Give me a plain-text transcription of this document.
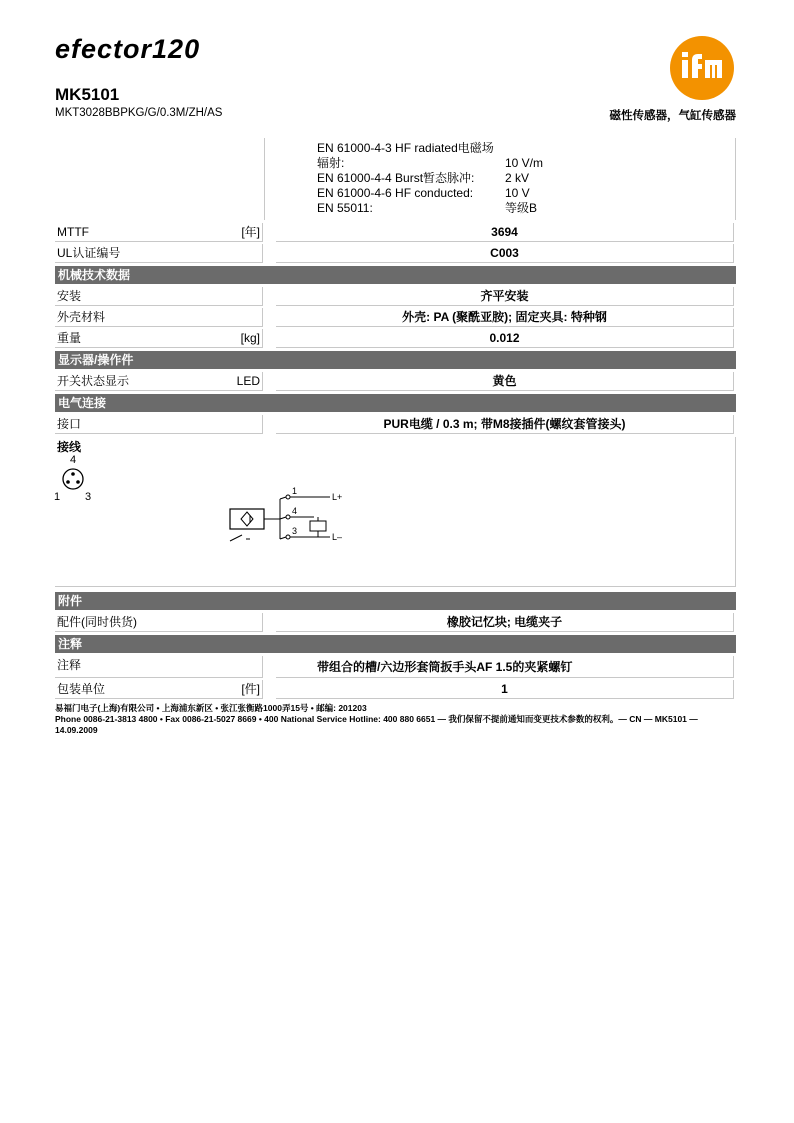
efector120
MK5101
MKT3028BBPKG/G/0.3M/ZH/AS	磁性传感器，气缸传感器
EN 61000-4-3 HF radiated电磁场
辐射:	10 V/m
EN 61000-4-4 Burst暂态脉冲:	2 kV
EN 61000-4-6 HF conducted:	10 V
EN 55011:	等级B
MTTF	[年]	3694
UL认证编号	C003
机械技术数据
安装	齐平安装
外壳材料	外壳: PA (聚酰亚胺); 固定夹具: 特种钢
重量	[kg]	0.012
显示器/操作件
开关状态显示	LED	黄色
电气连接
接口	PUR电缆 / 0.3 m; 带M8接插件(螺纹套管接头)
接线
4
1 3	1
4
3
L+
L–
附件
配件(同时供货)	橡胶记忆块; 电缆夹子
注释
注释	带组合的槽/六边形套筒扳手头AF 1.5的夹紧螺钉
包装单位	[件]	1
易福门电子(上海)有限公司 • 上海浦东新区 • 张江张衡路1000弄15号 • 邮编: 201203
Phone 0086-21-3813 4800 • Fax 0086-21-5027 8669 • 400 National Service Hotline: 400 880 6651 — 我们保留不提前通知而变更技术参数的权利。— CN — MK5101 —
14.09.2009
